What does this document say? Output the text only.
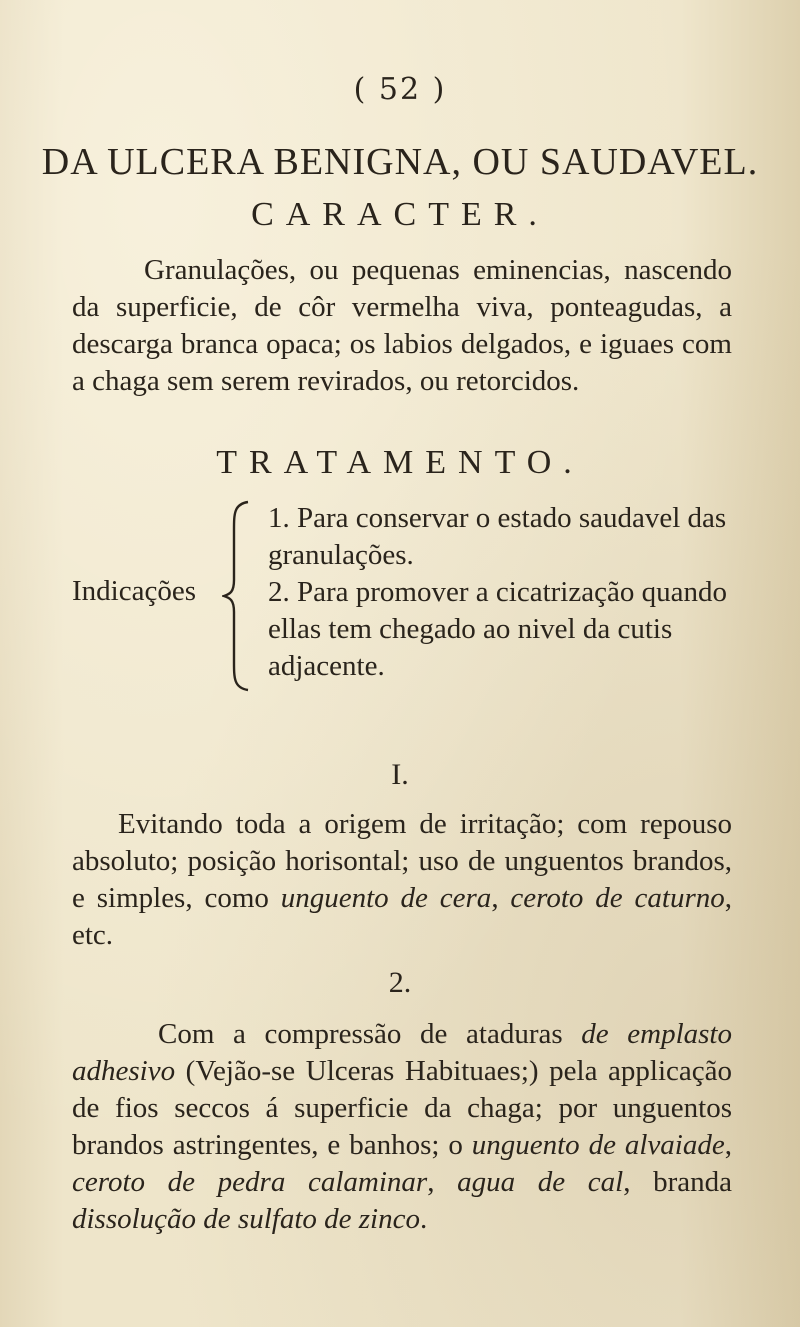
( 52 )
DA ULCERA BENIGNA, OU SAUDAVEL.
CARACTER.

Granulações, ou pequenas eminencias, nascendo da superficie, de côr vermelha viva, ponteagudas, a descarga branca opaca; os labios delgados, e iguaes com a chaga sem serem revirados, ou retorcidos.

TRATAMENTO.
Indicações
1. Para conservar o estado saudavel das granulações.
2. Para promover a cicatrização quando ellas tem chegado ao nivel da cutis adjacente.
I.

Evitando toda a origem de irritação; com repouso absoluto; posição horisontal; uso de unguentos brandos, e simples, como unguento de cera, ceroto de caturno, etc.

2.

Com a compressão de ataduras de emplasto adhesivo (Vejão-se Ulceras Habituaes;) pela applicação de fios seccos á superficie da chaga; por unguentos brandos astringentes, e banhos; o unguento de alvaiade, ceroto de pedra calaminar, agua de cal, branda dissolução de sulfato de zinco.
